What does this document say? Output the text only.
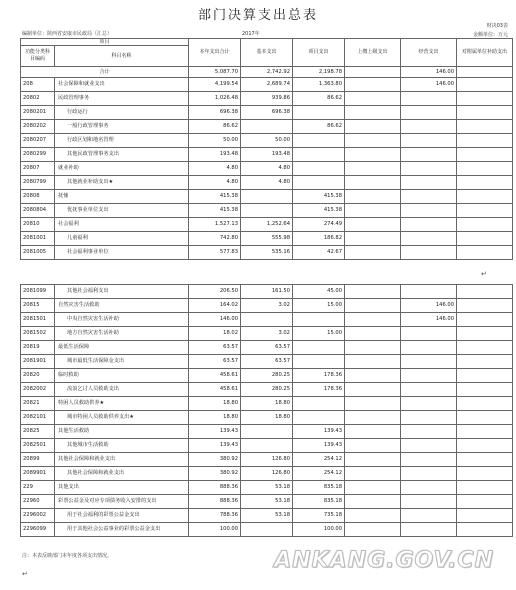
部门决算支出总表
编制单位：陕西省安康市民政局（汇总）	2017年
财决03表
金额单位：万元
项目		本年支出合计	基本支出	项目支出	上缴上级支出	经营支出	对附属单位补助支出
功能分类科目编码	科目名称						
合计		5,087.70	2,742.92	2,198.78		146.00	
208	社会保障和就业支出	4,199.54	2,689.74	1,363.80		146.00	
20802	民政管理事务	1,026.48	939.86	86.62			
2080201	行政运行	696.38	696.38				
2080202	一般行政管理事务	86.62		86.62			
2080207	行政区划和地名管理	50.00	50.00				
2080299	其他民政管理事务支出	193.48	193.48				
20807	就业补助	4.80	4.80				
2080799	其他就业补助支出★	4.80	4.80				
20808	抚恤	415.38		415.38			
2080804	优抚事业单位支出	415.38		415.38			
20810	社会福利	1,527.13	1,252.64	274.49			
2081001	儿童福利	742.80	555.98	186.82			
2081005	社会福利事业单位	577.83	535.16	42.67			
↵
2081099	其他社会福利支出	206.50	161.50	45.00			
20815	自然灾害生活救助	164.02	3.02	15.00		146.00	
2081501	中央自然灾害生活补助	146.00				146.00	
2081502	地方自然灾害生活补助	18.02	3.02	15.00			
20819	最低生活保障	63.57	63.57				
2081901	城市最低生活保障金支出	63.57	63.57				
20820	临时救助	458.61	280.25	178.36			
2082002	流浪乞讨人员救助支出	458.61	280.25	178.36			
20821	特困人员救助供养★	18.80	18.80				
2082101	城市特困人员救助供养支出★	18.80	18.80				
20825	其他生活救助	139.43		139.43			
2082501	其他城市生活救助	139.43		139.43			
20899	其他社会保障和就业支出	380.92	126.80	254.12			
2089901	其他社会保障和就业支出	380.92	126.80	254.12			
229	其他支出	888.36	53.18	835.18			
22960	彩票公益金及对应专项债务收入安排的支出	888.36	53.18	835.18			
2296002	用于社会福利的彩票公益金支出	788.36	53.18	735.18			
2296099	用于其他社会公益事业的彩票公益金支出	100.00		100.00			
注：本表反映部门本年度各项支出情况。
↵
ANKANG.GOV.CN
